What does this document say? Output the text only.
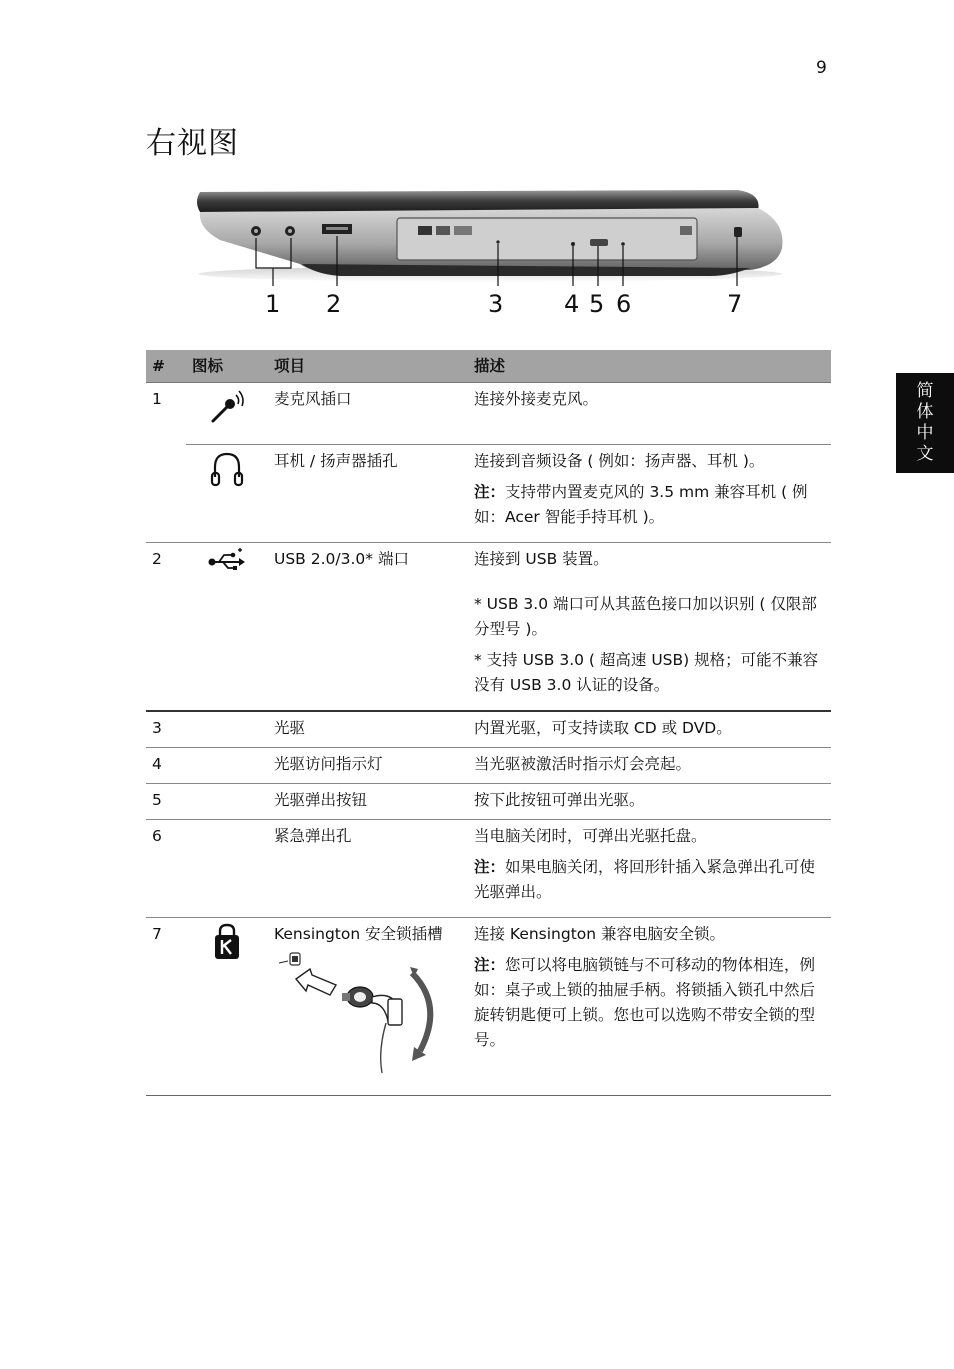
9
右视图
简
体
中
文
1 2	3	4 5 6	7
#	图标	项目	描述
1		麦克风插口	连接外接麦克风。

		耳机 / 扬声器插孔	连接到音频设备 ( 例如：扬声器、耳机 )。

注：支持带内置麦克风的 3.5 mm 兼容耳机 ( 例如：Acer 智能手持耳机 )。

2		USB 2.0/3.0* 端口	连接到 USB 装置。

* USB 3.0 端口可从其蓝色接口加以识别 ( 仅限部分型号 )。

* 支持 USB 3.0 ( 超高速 USB) 规格；可能不兼容没有 USB 3.0 认证的设备。

3		光驱	内置光驱，可支持读取 CD 或 DVD。
4		光驱访问指示灯	当光驱被激活时指示灯会亮起。
5		光驱弹出按钮	按下此按钮可弹出光驱。
6		紧急弹出孔	当电脑关闭时，可弹出光驱托盘。

注：如果电脑关闭，将回形针插入紧急弹出孔可使光驱弹出。

7		Kensington 安全锁插槽	连接 Kensington 兼容电脑安全锁。

注：您可以将电脑锁链与不可移动的物体相连，例如：桌子或上锁的抽屉手柄。将锁插入锁孔中然后旋转钥匙便可上锁。您也可以选购不带安全锁的型号。
